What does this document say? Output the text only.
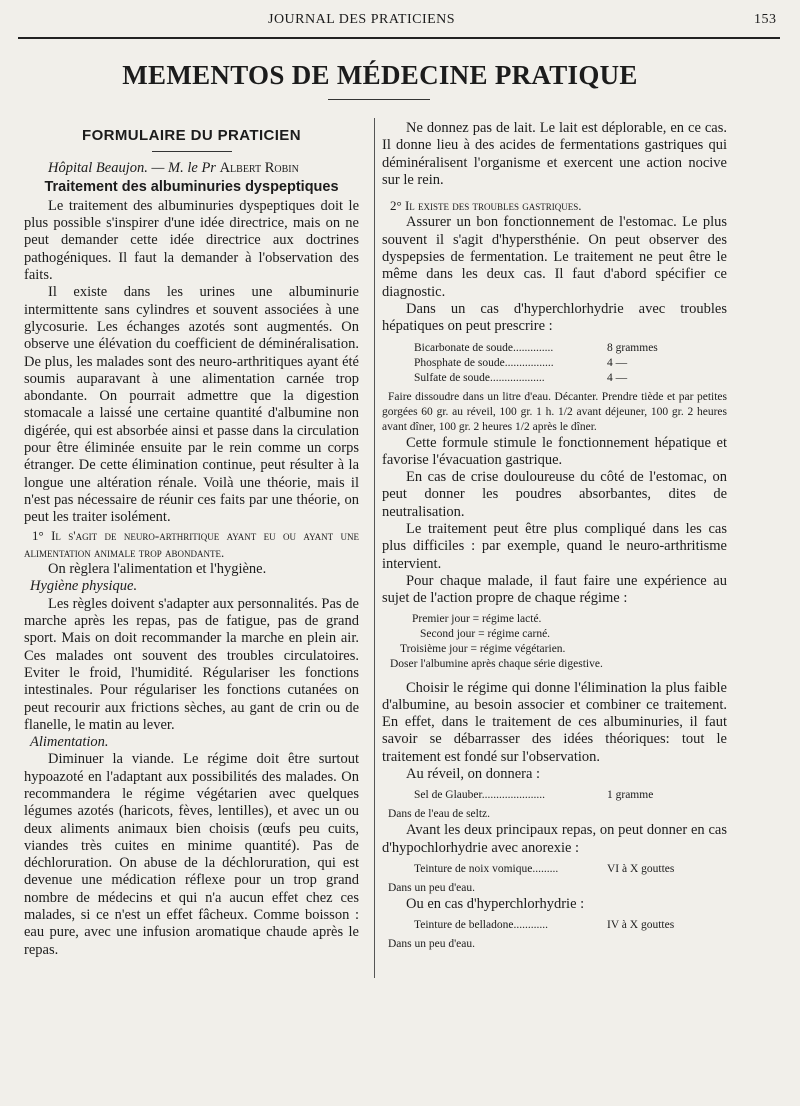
JOURNAL DES PRATICIENS	153
MEMENTOS DE MÉDECINE PRATIQUE
FORMULAIRE DU PRATICIEN

Hôpital Beaujon. — M. le Pr Albert Robin

Traitement des albuminuries dyspeptiques

Le traitement des albuminuries dyspeptiques doit le plus possible s'inspirer d'une idée directrice, mais on ne peut demander cette idée directrice aux doctrines pathogéniques. Il faut la demander à l'observation des faits.

Il existe dans les urines une albuminurie intermittente sans cylindres et souvent associées à une glycosurie. Les échanges azotés sont augmentés. On observe une élévation du coefficient de déminéralisation. De plus, les malades sont des neuro-arthritiques ayant été soumis auparavant à une alimentation carnée trop abondante. On pourrait admettre que la digestion stomacale a laissé une certaine quantité d'albumine non digérée, qui est absorbée ainsi et passe dans la circulation pour être éliminée ensuite par le rein comme un corps étranger. De cette élimination continue, peut résulter à la longue une altération rénale. Voilà une théorie, mais il n'est pas nécessaire de réunir ces faits par une théorie, on peut les traiter isolément.

1° Il s'agit de neuro-arthritique ayant eu ou ayant une alimentation animale trop abondante.

On règlera l'alimentation et l'hygiène.

Hygiène physique.

Les règles doivent s'adapter aux personnalités. Pas de marche après les repas, pas de fatigue, pas de grand sport. Mais on doit recommander la marche en plein air. Ces malades ont souvent des troubles circulatoires. Eviter le froid, l'humidité. Régulariser les fonctions intestinales. Pour régulariser les fonctions cutanées on peut recourir aux frictions sèches, au gant de crin ou de flanelle, le matin au lever.

Alimentation.

Diminuer la viande. Le régime doit être surtout hypoazoté en l'adaptant aux possibilités des malades. On recommandera le régime végétarien avec quelques légumes azotés (haricots, fèves, lentilles), et avec un ou deux aliments animaux bien choisis (œufs peu cuits, viandes très cuites en minime quantité). Pas de déchloruration. On abuse de la déchloruration, qui est devenue une médication réflexe pour un trop grand nombre de médecins et qui n'a aucun effet chez ces malades, si ce n'est un effet fâcheux. Comme boisson : eau pure, avec une infusion aromatique chaude après le repas.

Ne donnez pas de lait. Le lait est déplorable, en ce cas. Il donne lieu à des acides de fermentations gastriques qui déminéralisent l'organisme et exercent une action nocive sur le rein.

2° Il existe des troubles gastriques.

Assurer un bon fonctionnement de l'estomac. Le plus souvent il s'agit d'hypersthénie. On peut observer des dyspepsies de fermentation. Le traitement ne peut être le même dans les deux cas. Il faut d'abord spécifier ce diagnostic.

Dans un cas d'hyperchlorhydrie avec troubles hépatiques on peut prescrire :

Bicarbonate de soude..............	8 grammes
Phosphate de soude.................	4 —
Sulfate de soude...................	4 —

Faire dissoudre dans un litre d'eau. Décanter. Prendre tiède et par petites gorgées 60 gr. au réveil, 100 gr. 1 h. 1/2 avant déjeuner, 100 gr. 2 heures avant dîner, 100 gr. 2 heures 1/2 après le dîner.

Cette formule stimule le fonctionnement hépatique et favorise l'évacuation gastrique.

En cas de crise douloureuse du côté de l'estomac, on peut donner les poudres absorbantes, dites de neutralisation.

Le traitement peut être plus compliqué dans les cas plus difficiles : par exemple, quand le neuro-arthritisme intervient.

Pour chaque malade, il faut faire une expérience au sujet de l'action propre de chaque régime :

Premier jour = régime lacté.
Second jour = régime carné.
Troisième jour = régime végétarien.
Doser l'albumine après chaque série digestive.

Choisir le régime qui donne l'élimination la plus faible d'albumine, au besoin associer et combiner ce traitement. En effet, dans le traitement de ces albuminuries, il faut savoir se débarrasser des idées théoriques: tout le traitement est fondé sur l'observation.

Au réveil, on donnera :

Sel de Glauber......................	1 gramme

Dans de l'eau de seltz.

Avant les deux principaux repas, on peut donner en cas d'hypochlorhydrie avec anorexie :

Teinture de noix vomique.........	VI à X gouttes

Dans un peu d'eau.

Ou en cas d'hyperchlorhydrie :

Teinture de belladone............	IV à X gouttes

Dans un peu d'eau.
